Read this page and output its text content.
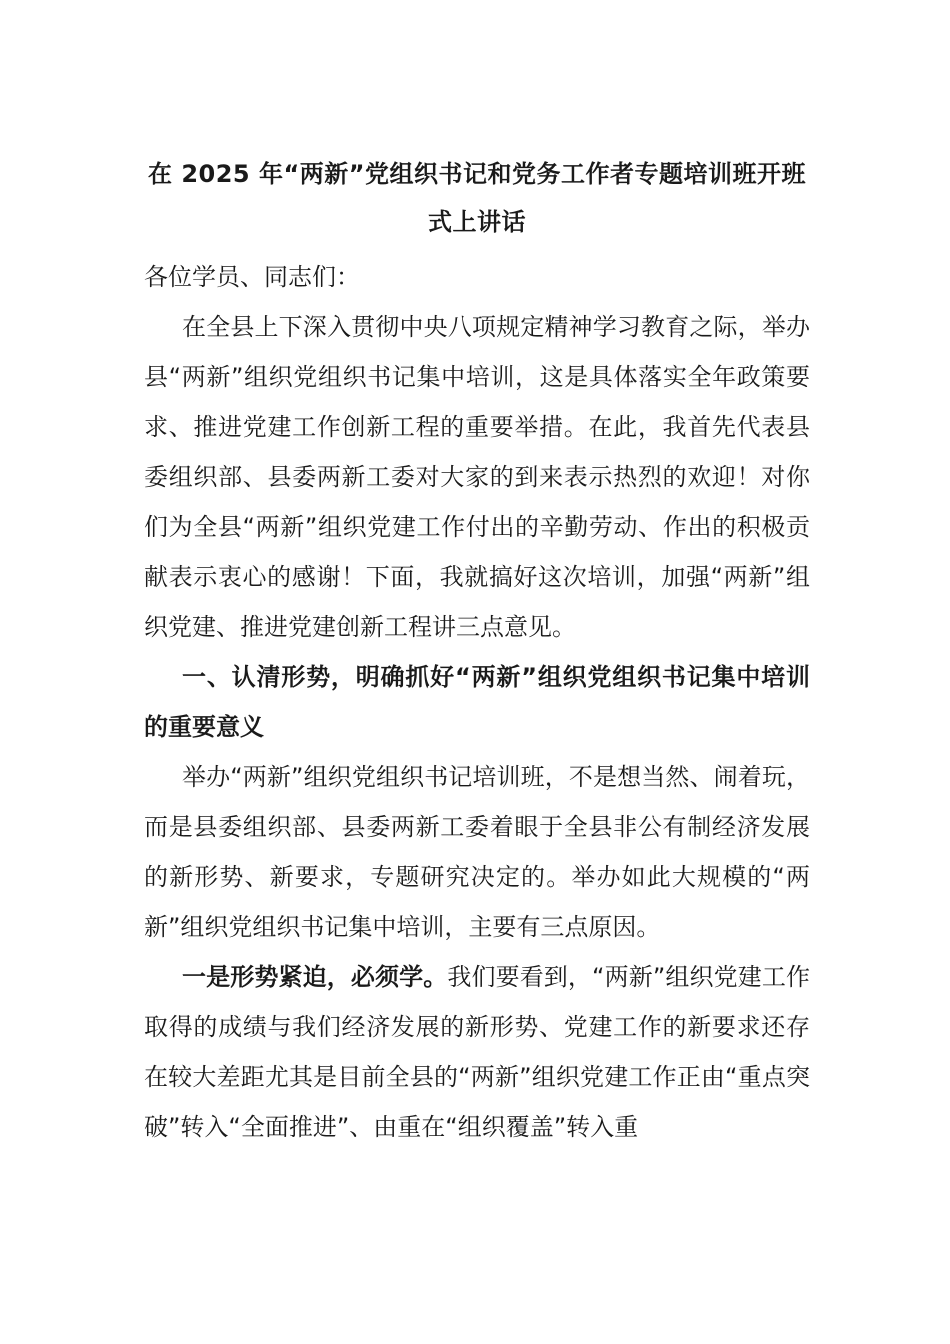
在 2025 年“两新”党组织书记和党务工作者专题培训班开班式上讲话

各位学员、同志们：

在全县上下深入贯彻中央八项规定精神学习教育之际，举办县“两新”组织党组织书记集中培训，这是具体落实全年政策要求、推进党建工作创新工程的重要举措。在此，我首先代表县委组织部、县委两新工委对大家的到来表示热烈的欢迎！对你们为全县“两新”组织党建工作付出的辛勤劳动、作出的积极贡献表示衷心的感谢！下面，我就搞好这次培训，加强“两新”组织党建、推进党建创新工程讲三点意见。

一、认清形势，明确抓好“两新”组织党组织书记集中培训的重要意义

举办“两新”组织党组织书记培训班，不是想当然、闹着玩，而是县委组织部、县委两新工委着眼于全县非公有制经济发展的新形势、新要求，专题研究决定的。举办如此大规模的“两新”组织党组织书记集中培训，主要有三点原因。

一是形势紧迫，必须学。我们要看到，“两新”组织党建工作取得的成绩与我们经济发展的新形势、党建工作的新要求还存在较大差距尤其是目前全县的“两新”组织党建工作正由“重点突破”转入“全面推进”、由重在“组织覆盖”转入重
